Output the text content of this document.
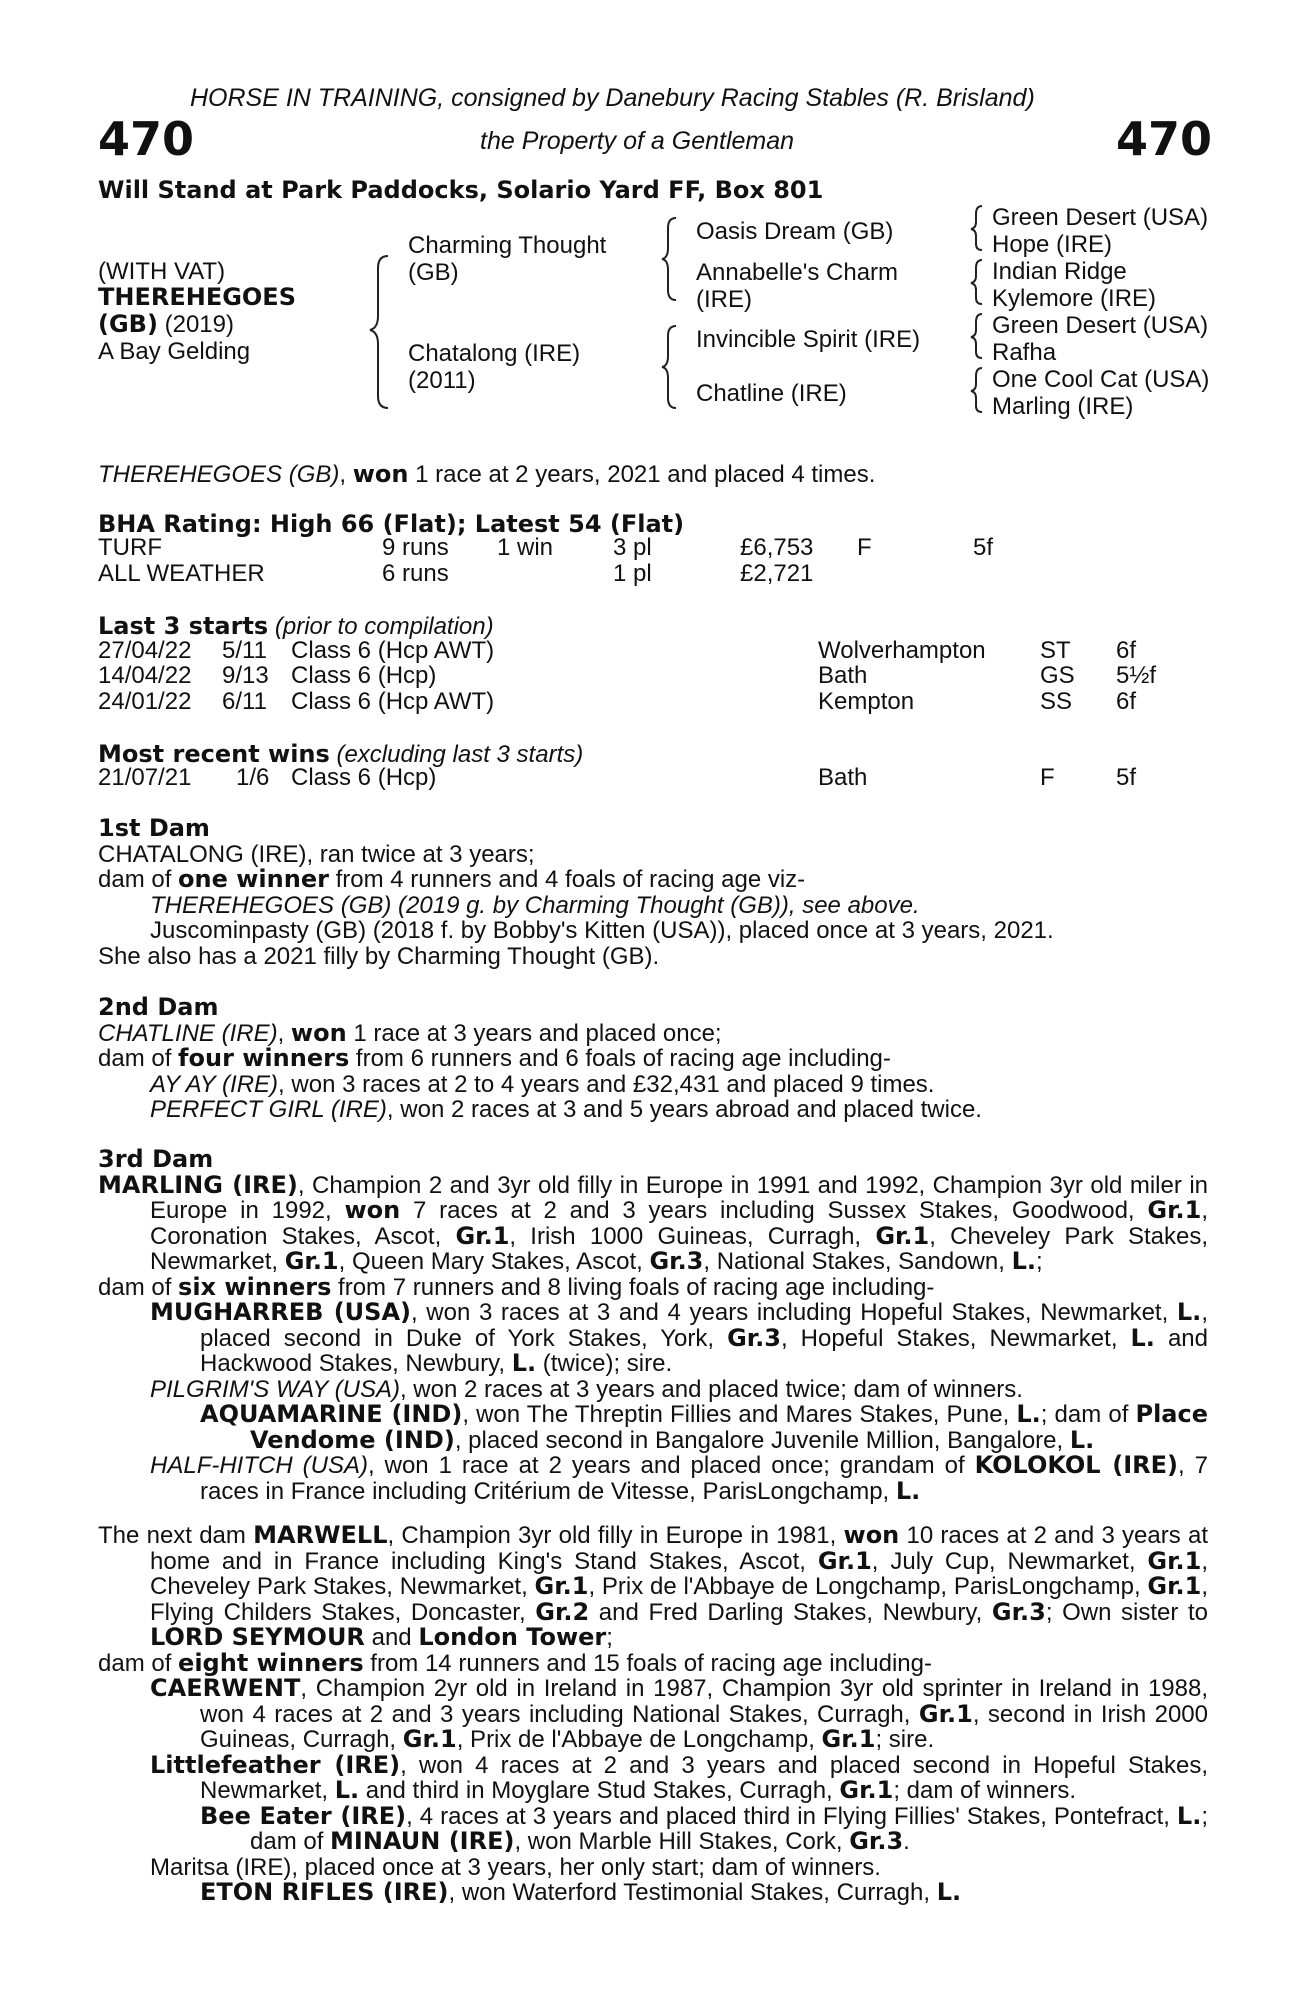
HORSE IN TRAINING, consigned by Danebury Racing Stables (R. Brisland)
470	the Property of a Gentleman	470
Will Stand at Park Paddocks, Solario Yard FF, Box 801
(WITH VAT)
THEREHEGOES
(GB) (2019)
A Bay Gelding
Charming Thought
(GB)
Chatalong (IRE)
(2011)
Oasis Dream (GB)
Annabelle's Charm
(IRE)
Invincible Spirit (IRE)
Chatline (IRE)
Green Desert (USA)
Hope (IRE)
Indian Ridge
Kylemore (IRE)
Green Desert (USA)
Rafha
One Cool Cat (USA)
Marling (IRE)
THEREHEGOES (GB), won 1 race at 2 years, 2021 and placed 4 times.
BHA Rating: High 66 (Flat); Latest 54 (Flat)
TURF	9 runs 1 win 3 pl	£6,753 F	5f
ALL WEATHER	6 runs	1 pl	£2,721
Last 3 starts (prior to compilation)
27/04/22 5/11 Class 6 (Hcp AWT)	Wolverhampton ST 6f
14/04/22 9/13 Class 6 (Hcp)	Bath	GS 5½f
24/01/22 6/11 Class 6 (Hcp AWT)	Kempton	SS 6f
Most recent wins (excluding last 3 starts)
21/07/21 1/6 Class 6 (Hcp)	Bath	F	5f

1st Dam

CHATALONG (IRE), ran twice at 3 years;

dam of one winner from 4 runners and 4 foals of racing age viz-

THEREHEGOES (GB) (2019 g. by Charming Thought (GB)), see above.

Juscominpasty (GB) (2018 f. by Bobby's Kitten (USA)), placed once at 3 years, 2021.

She also has a 2021 filly by Charming Thought (GB).

2nd Dam

CHATLINE (IRE), won 1 race at 3 years and placed once;

dam of four winners from 6 runners and 6 foals of racing age including-

AY AY (IRE), won 3 races at 2 to 4 years and £32,431 and placed 9 times.

PERFECT GIRL (IRE), won 2 races at 3 and 5 years abroad and placed twice.

3rd Dam

MARLING (IRE), Champion 2 and 3yr old filly in Europe in 1991 and 1992, Champion 3yr old miler in Europe in 1992, won 7 races at 2 and 3 years including Sussex Stakes, Goodwood, Gr.1, Coronation Stakes, Ascot, Gr.1, Irish 1000 Guineas, Curragh, Gr.1, Cheveley Park Stakes, Newmarket, Gr.1, Queen Mary Stakes, Ascot, Gr.3, National Stakes, Sandown, L.;

dam of six winners from 7 runners and 8 living foals of racing age including-

MUGHARREB (USA), won 3 races at 3 and 4 years including Hopeful Stakes, Newmarket, L., placed second in Duke of York Stakes, York, Gr.3, Hopeful Stakes, Newmarket, L. and Hackwood Stakes, Newbury, L. (twice); sire.

PILGRIM'S WAY (USA), won 2 races at 3 years and placed twice; dam of winners.

AQUAMARINE (IND), won The Threptin Fillies and Mares Stakes, Pune, L.; dam of Place Vendome (IND), placed second in Bangalore Juvenile Million, Bangalore, L.

HALF-HITCH (USA), won 1 race at 2 years and placed once; grandam of KOLOKOL (IRE), 7 races in France including Critérium de Vitesse, ParisLongchamp, L.

The next dam MARWELL, Champion 3yr old filly in Europe in 1981, won 10 races at 2 and 3 years at home and in France including King's Stand Stakes, Ascot, Gr.1, July Cup, Newmarket, Gr.1, Cheveley Park Stakes, Newmarket, Gr.1, Prix de l'Abbaye de Longchamp, ParisLongchamp, Gr.1, Flying Childers Stakes, Doncaster, Gr.2 and Fred Darling Stakes, Newbury, Gr.3; Own sister to LORD SEYMOUR and London Tower;

dam of eight winners from 14 runners and 15 foals of racing age including-

CAERWENT, Champion 2yr old in Ireland in 1987, Champion 3yr old sprinter in Ireland in 1988, won 4 races at 2 and 3 years including National Stakes, Curragh, Gr.1, second in Irish 2000 Guineas, Curragh, Gr.1, Prix de l'Abbaye de Longchamp, Gr.1; sire.

Littlefeather (IRE), won 4 races at 2 and 3 years and placed second in Hopeful Stakes, Newmarket, L. and third in Moyglare Stud Stakes, Curragh, Gr.1; dam of winners.

Bee Eater (IRE), 4 races at 3 years and placed third in Flying Fillies' Stakes, Pontefract, L.; dam of MINAUN (IRE), won Marble Hill Stakes, Cork, Gr.3.

Maritsa (IRE), placed once at 3 years, her only start; dam of winners.

ETON RIFLES (IRE), won Waterford Testimonial Stakes, Curragh, L.
